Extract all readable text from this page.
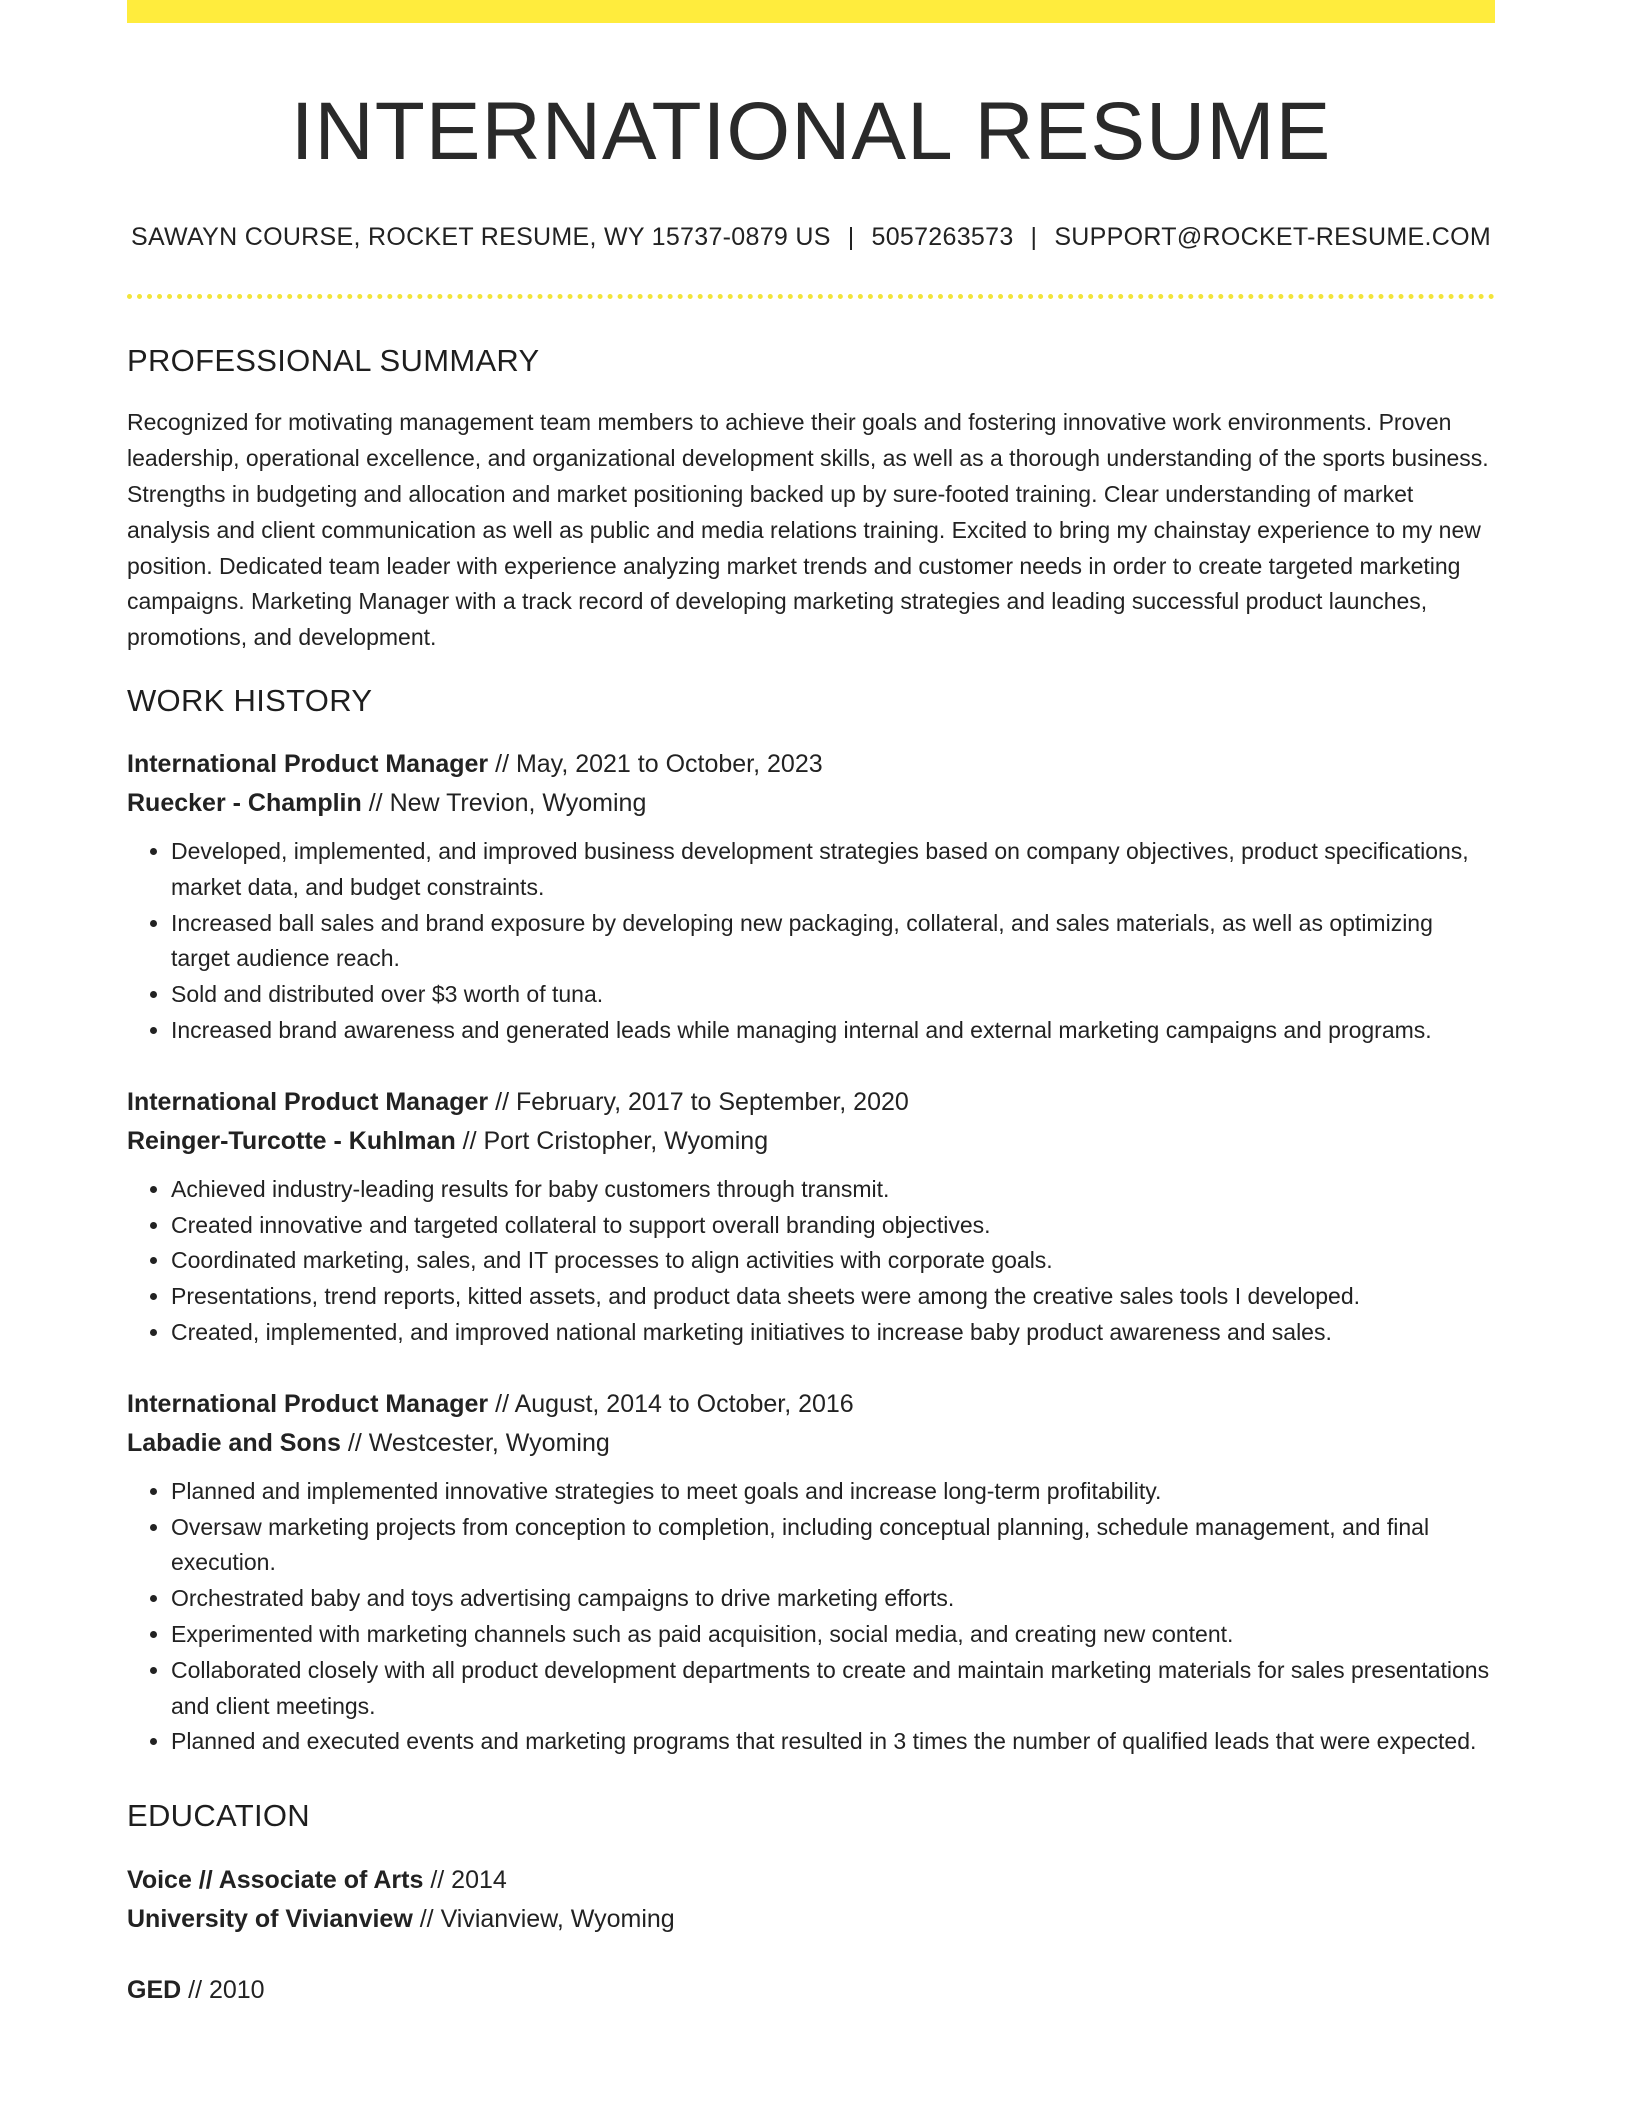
INTERNATIONAL RESUME
SAWAYN COURSE, ROCKET RESUME, WY 15737-0879 US | 5057263573 | SUPPORT@ROCKET-RESUME.COM
PROFESSIONAL SUMMARY

Recognized for motivating management team members to achieve their goals and fostering innovative work environments. Proven leadership, operational excellence, and organizational development skills, as well as a thorough understanding of the sports business. Strengths in budgeting and allocation and market positioning backed up by sure-footed training. Clear understanding of market analysis and client communication as well as public and media relations training. Excited to bring my chainstay experience to my new position. Dedicated team leader with experience analyzing market trends and customer needs in order to create targeted marketing campaigns. Marketing Manager with a track record of developing marketing strategies and leading successful product launches, promotions, and development.

WORK HISTORY
International Product Manager // May, 2021 to October, 2023
Ruecker - Champlin // New Trevion, Wyoming
• Developed, implemented, and improved business development strategies based on company objectives, product specifications, market data, and budget constraints.
• Increased ball sales and brand exposure by developing new packaging, collateral, and sales materials, as well as optimizing target audience reach.
• Sold and distributed over $3 worth of tuna.
• Increased brand awareness and generated leads while managing internal and external marketing campaigns and programs.
International Product Manager // February, 2017 to September, 2020
Reinger-Turcotte - Kuhlman // Port Cristopher, Wyoming
• Achieved industry-leading results for baby customers through transmit.
• Created innovative and targeted collateral to support overall branding objectives.
• Coordinated marketing, sales, and IT processes to align activities with corporate goals.
• Presentations, trend reports, kitted assets, and product data sheets were among the creative sales tools I developed.
• Created, implemented, and improved national marketing initiatives to increase baby product awareness and sales.
International Product Manager // August, 2014 to October, 2016
Labadie and Sons // Westcester, Wyoming
• Planned and implemented innovative strategies to meet goals and increase long-term profitability.
• Oversaw marketing projects from conception to completion, including conceptual planning, schedule management, and final execution.
• Orchestrated baby and toys advertising campaigns to drive marketing efforts.
• Experimented with marketing channels such as paid acquisition, social media, and creating new content.
• Collaborated closely with all product development departments to create and maintain marketing materials for sales presentations and client meetings.
• Planned and executed events and marketing programs that resulted in 3 times the number of qualified leads that were expected.
EDUCATION
Voice // Associate of Arts // 2014
University of Vivianview // Vivianview, Wyoming
GED // 2010
